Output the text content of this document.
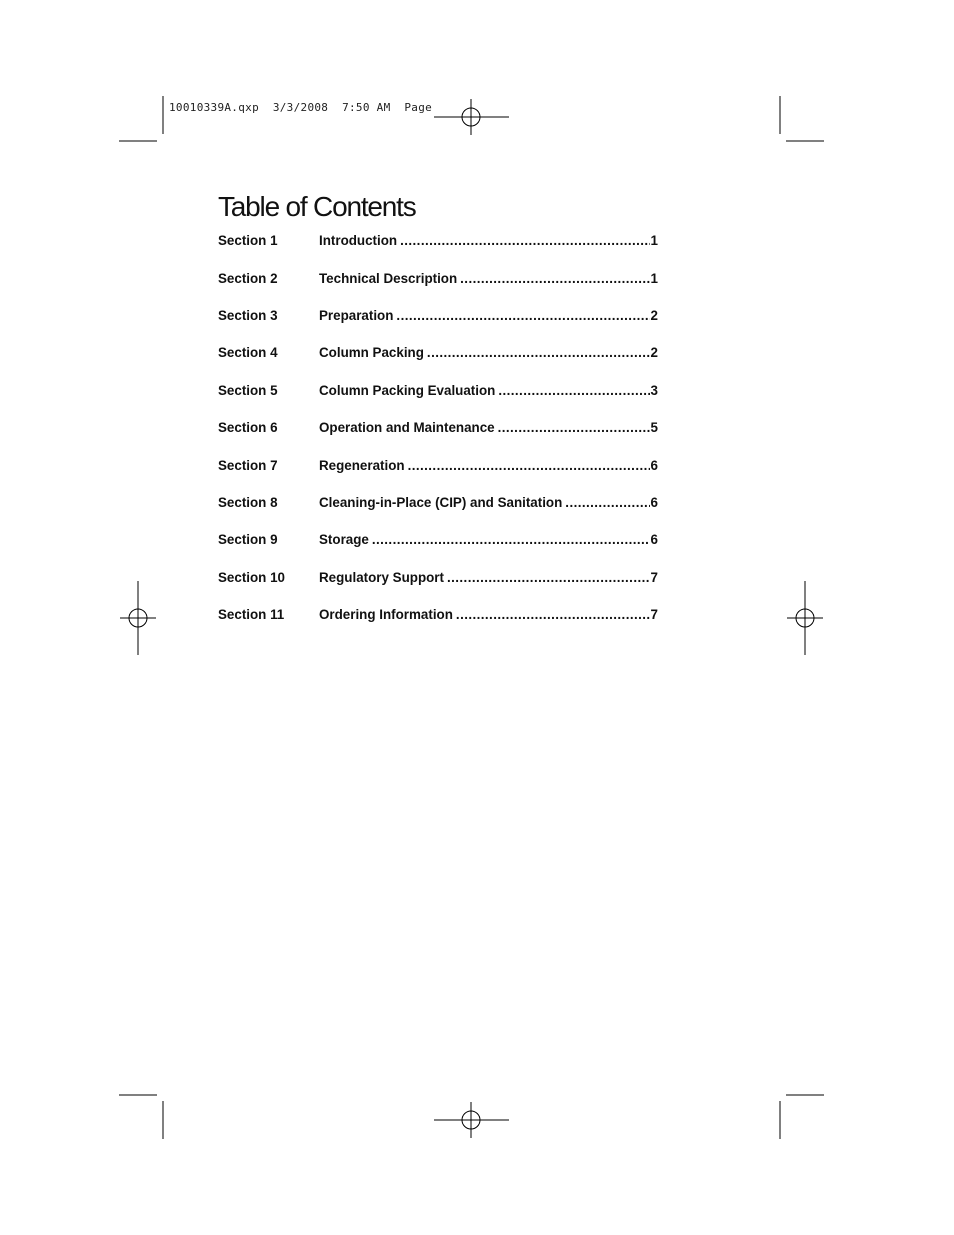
10010339A.qxp  3/3/2008  7:50 AM  Page
Table of Contents
Section 1	Introduction . . .	1
Section 2	Technical Description . . .	1
Section 3	Preparation . . .	2
Section 4	Column Packing . . .	2
Section 5	Column Packing Evaluation . . .	3
Section 6	Operation and Maintenance . . .	5
Section 7	Regeneration . . .	6
Section 8	Cleaning-in-Place (CIP) and Sanitation . . .	6
Section 9	Storage . . .	6
Section 10	Regulatory Support . . .	7
Section 11	Ordering Information . . .	7
